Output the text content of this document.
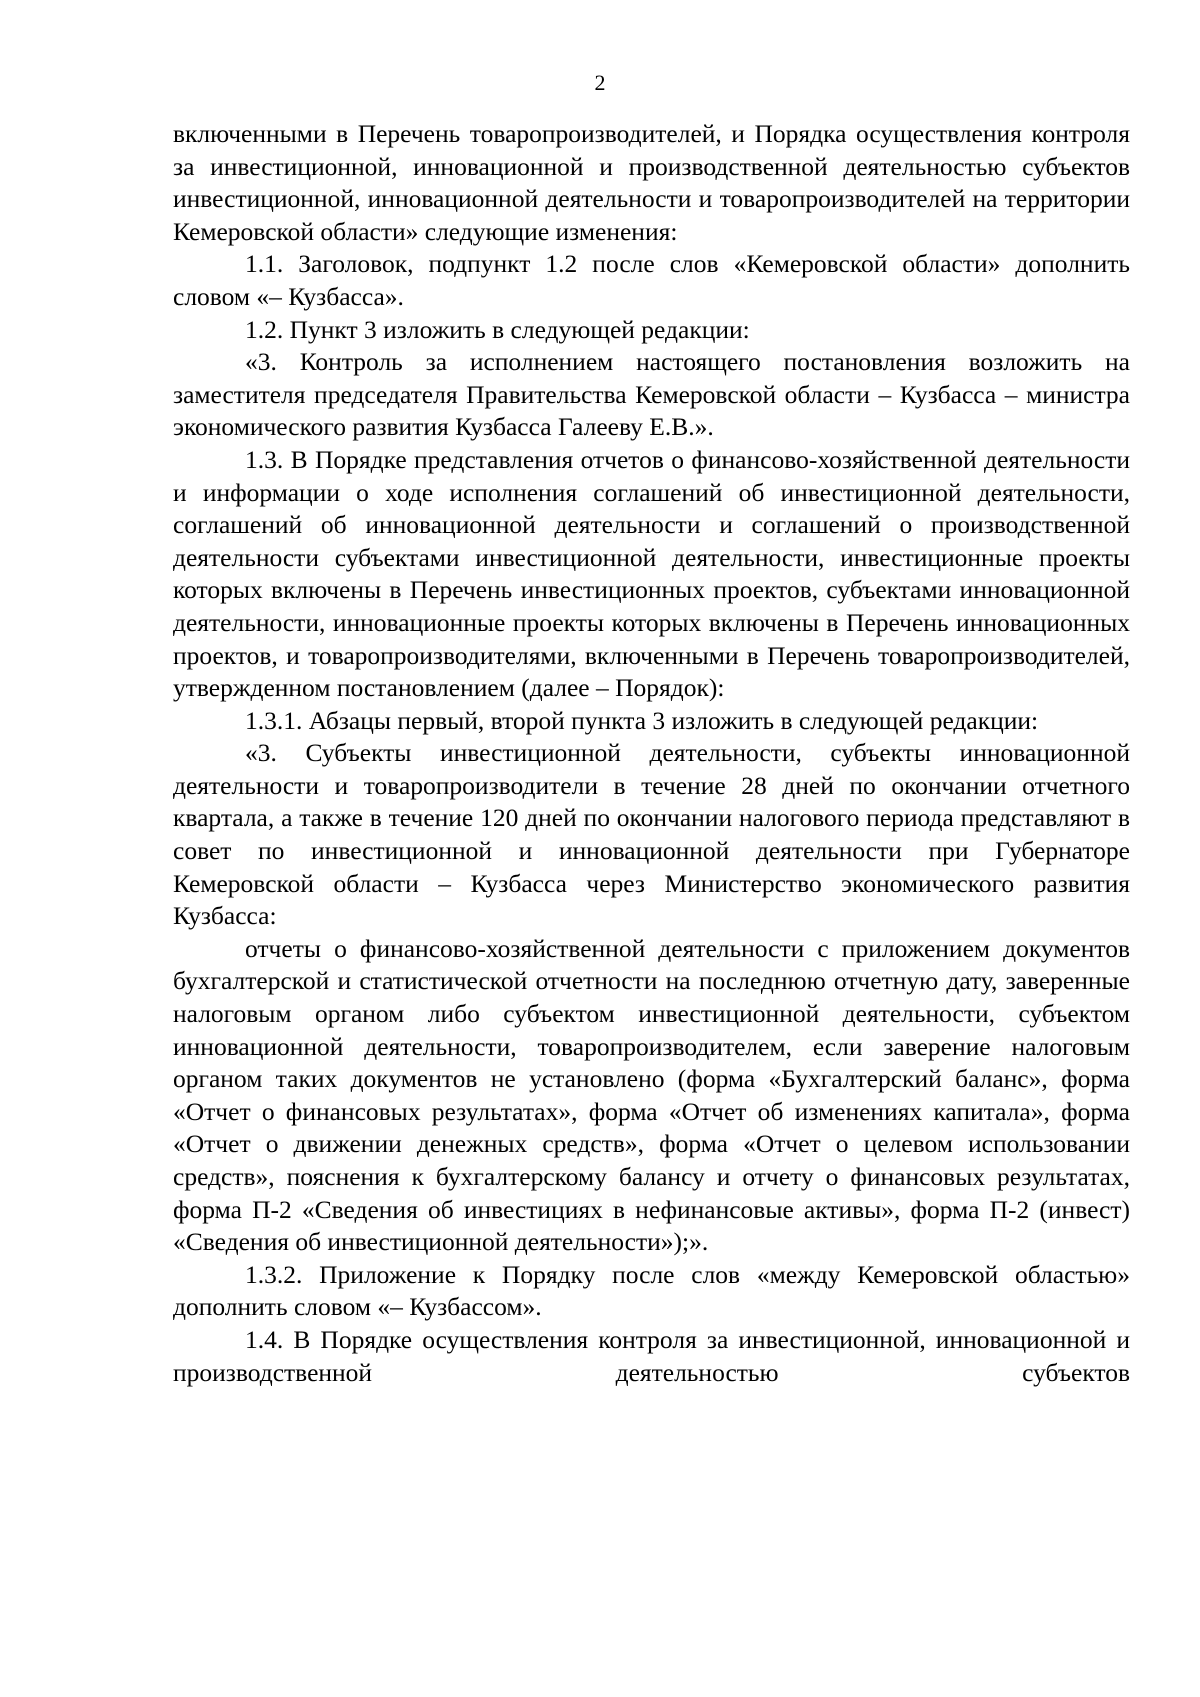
2

включенными в Перечень товаропроизводителей, и Порядка осуществления контроля за инвестиционной, инновационной и производственной деятельностью субъектов инвестиционной, инновационной деятельности и товаропроизводителей на территории Кемеровской области» следующие изменения:

1.1. Заголовок, подпункт 1.2 после слов «Кемеровской области» дополнить словом «– Кузбасса».

1.2. Пункт 3 изложить в следующей редакции:

«3. Контроль за исполнением настоящего постановления возложить на заместителя председателя Правительства Кемеровской области – Кузбасса – министра экономического развития Кузбасса Галееву Е.В.».

1.3. В Порядке представления отчетов о финансово-хозяйственной деятельности и информации о ходе исполнения соглашений об инвестиционной деятельности, соглашений об инновационной деятельности и соглашений о производственной деятельности субъектами инвестиционной деятельности, инвестиционные проекты которых включены в Перечень инвестиционных проектов, субъектами инновационной деятельности, инновационные проекты которых включены в Перечень инновационных проектов, и товаропроизводителями, включенными в Перечень товаропроизводителей, утвержденном постановлением (далее – Порядок):

1.3.1. Абзацы первый, второй пункта 3 изложить в следующей редакции:

«3. Субъекты инвестиционной деятельности, субъекты инновационной деятельности и товаропроизводители в течение 28 дней по окончании отчетного квартала, а также в течение 120 дней по окончании налогового периода представляют в совет по инвестиционной и инновационной деятельности при Губернаторе Кемеровской области – Кузбасса через Министерство экономического развития Кузбасса:

отчеты о финансово-хозяйственной деятельности с приложением документов бухгалтерской и статистической отчетности на последнюю отчетную дату, заверенные налоговым органом либо субъектом инвестиционной деятельности, субъектом инновационной деятельности, товаропроизводителем, если заверение налоговым органом таких документов не установлено (форма «Бухгалтерский баланс», форма «Отчет о финансовых результатах», форма «Отчет об изменениях капитала», форма «Отчет о движении денежных средств», форма «Отчет о целевом использовании средств», пояснения к бухгалтерскому балансу и отчету о финансовых результатах, форма П-2 «Сведения об инвестициях в нефинансовые активы», форма П-2 (инвест) «Сведения об инвестиционной деятельности»);».

1.3.2. Приложение к Порядку после слов «между Кемеровской областью» дополнить словом «– Кузбассом».

1.4. В Порядке осуществления контроля за инвестиционной, инновационной и производственной деятельностью субъектов
